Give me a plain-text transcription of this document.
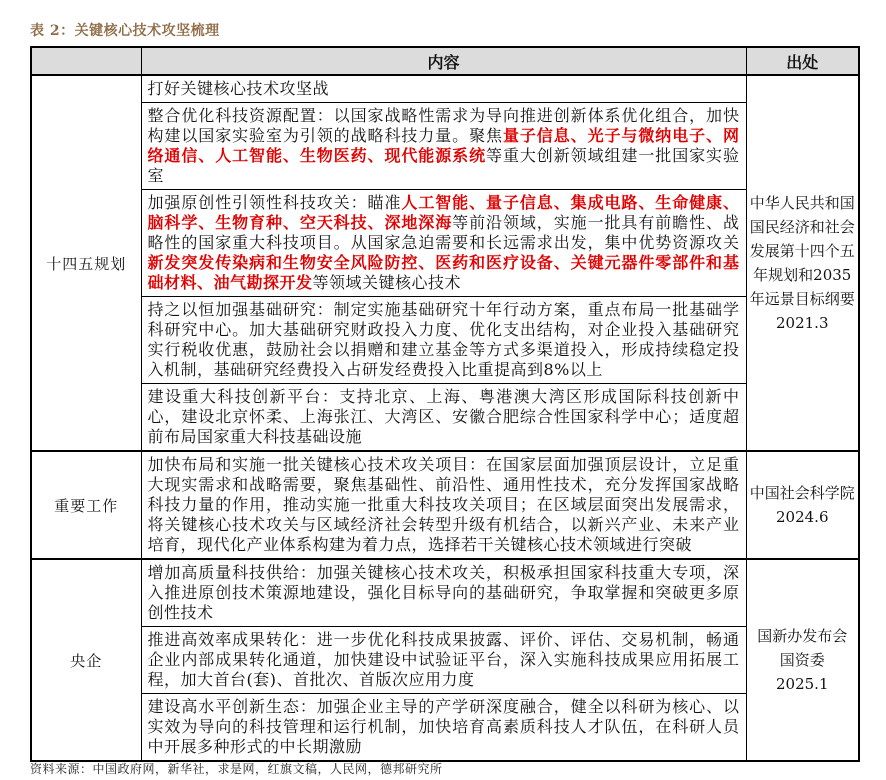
表 2：关键核心技术攻坚梳理
	内容	出处
十四五规划	打好关键核心技术攻坚战	中华人民共和国国民经济和社会发展第十四个五年规划和2035年远景目标纲要
2021.3

	整合优化科技资源配置：以国家战略性需求为导向推进创新体系优化组合，加快构建以国家实验室为引领的战略科技力量。聚焦量子信息、光子与微纳电子、网络通信、人工智能、生物医药、现代能源系统等重大创新领域组建一批国家实验室	
	加强原创性引领性科技攻关：瞄准人工智能、量子信息、集成电路、生命健康、脑科学、生物育种、空天科技、深地深海等前沿领域，实施一批具有前瞻性、战略性的国家重大科技项目。从国家急迫需要和长远需求出发，集中优势资源攻关新发突发传染病和生物安全风险防控、医药和医疗设备、关键元器件零部件和基础材料、油气勘探开发等领域关键核心技术	
	持之以恒加强基础研究：制定实施基础研究十年行动方案，重点布局一批基础学科研究中心。加大基础研究财政投入力度、优化支出结构，对企业投入基础研究实行税收优惠，鼓励社会以捐赠和建立基金等方式多渠道投入，形成持续稳定投入机制，基础研究经费投入占研发经费投入比重提高到8%以上	
	建设重大科技创新平台：支持北京、上海、粤港澳大湾区形成国际科技创新中心，建设北京怀柔、上海张江、大湾区、安徽合肥综合性国家科学中心；适度超前布局国家重大科技基础设施	
重要工作	加快布局和实施一批关键核心技术攻关项目：在国家层面加强顶层设计，立足重大现实需求和战略需要，聚焦基础性、前沿性、通用性技术，充分发挥国家战略科技力量的作用，推动实施一批重大科技攻关项目；在区域层面突出发展需求，将关键核心技术攻关与区域经济社会转型升级有机结合，以新兴产业、未来产业培育，现代化产业体系构建为着力点，选择若干关键核心技术领域进行突破	中国社会科学院
2024.6

央企	增加高质量科技供给：加强关键核心技术攻关，积极承担国家科技重大专项，深入推进原创技术策源地建设，强化目标导向的基础研究，争取掌握和突破更多原创性技术	国新办发布会
国资委
2025.1

	推进高效率成果转化：进一步优化科技成果披露、评价、评估、交易机制，畅通企业内部成果转化通道，加快建设中试验证平台，深入实施科技成果应用拓展工程，加大首台(套)、首批次、首版次应用力度	
	建设高水平创新生态：加强企业主导的产学研深度融合，健全以科研为核心、以实效为导向的科技管理和运行机制，加快培育高素质科技人才队伍，在科研人员中开展多种形式的中长期激励	
资料来源：中国政府网，新华社，求是网，红旗文稿，人民网，德邦研究所
